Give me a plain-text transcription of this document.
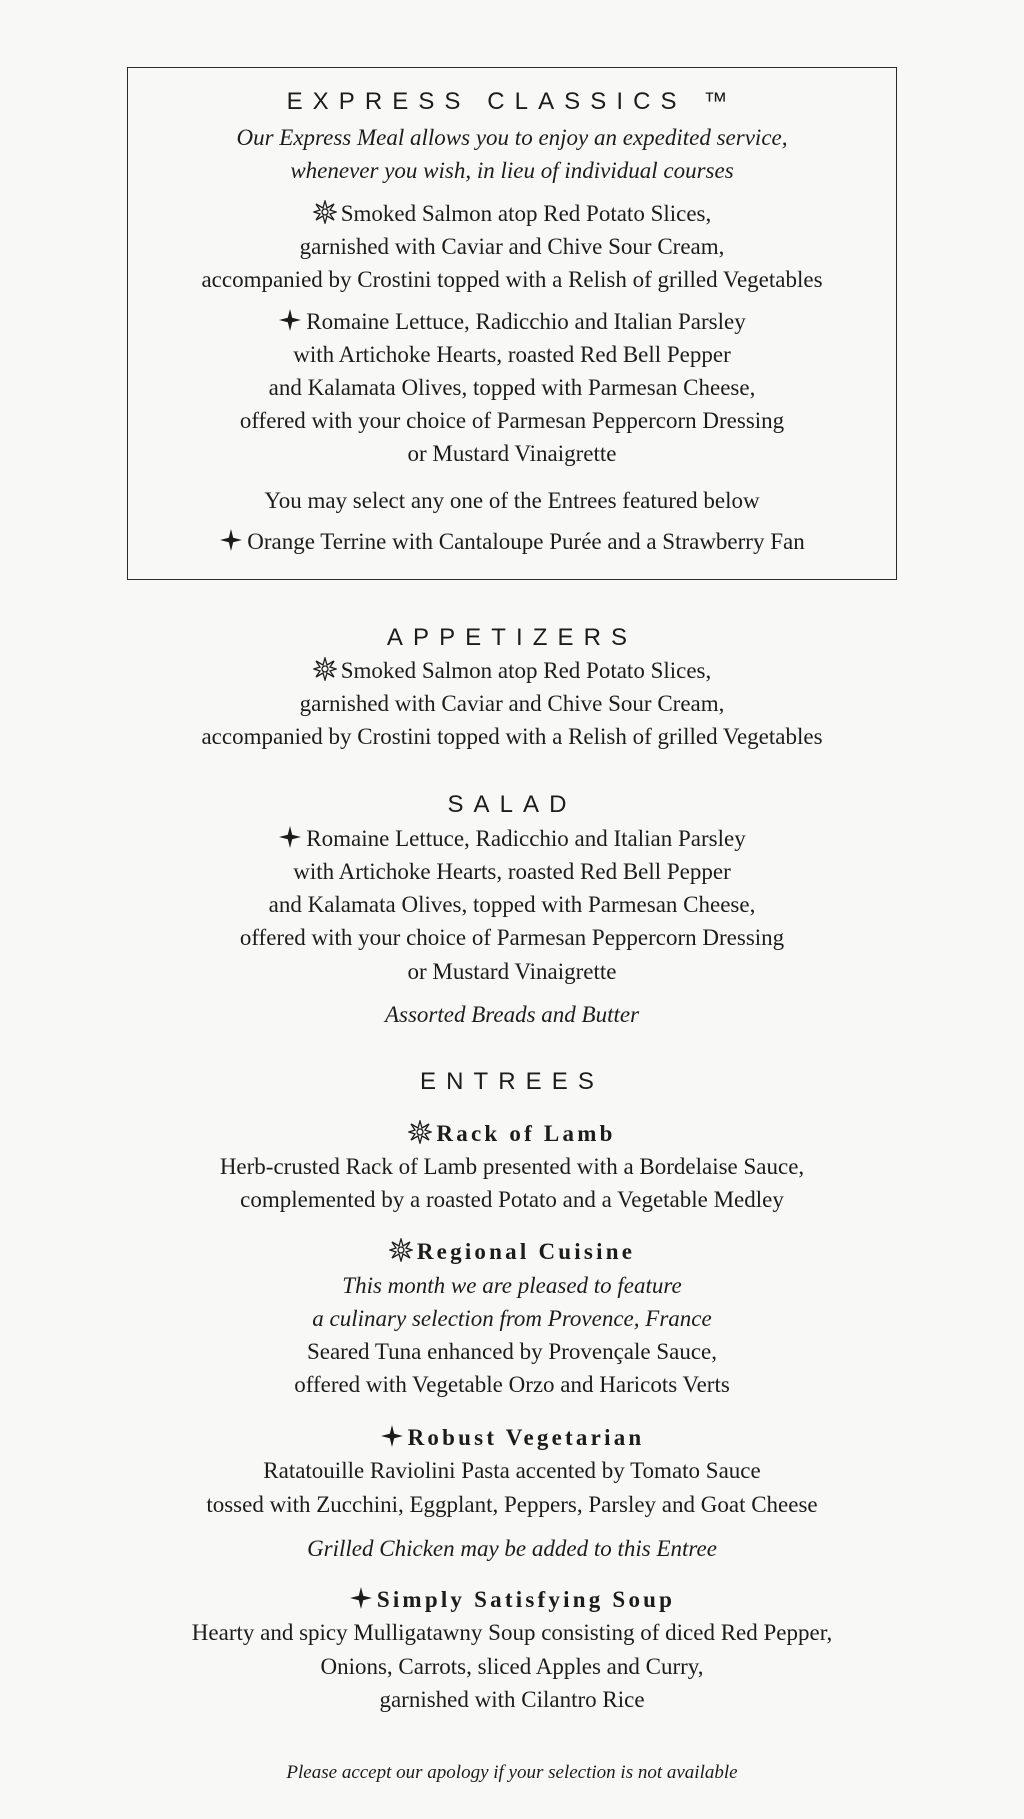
EXPRESS CLASSICS ™
Our Express Meal allows you to enjoy an expedited service,
whenever you wish, in lieu of individual courses
Smoked Salmon atop Red Potato Slices,
garnished with Caviar and Chive Sour Cream,
accompanied by Crostini topped with a Relish of grilled Vegetables
Romaine Lettuce, Radicchio and Italian Parsley
with Artichoke Hearts, roasted Red Bell Pepper
and Kalamata Olives, topped with Parmesan Cheese,
offered with your choice of Parmesan Peppercorn Dressing
or Mustard Vinaigrette
You may select any one of the Entrees featured below
Orange Terrine with Cantaloupe Purée and a Strawberry Fan
APPETIZERS
Smoked Salmon atop Red Potato Slices,
garnished with Caviar and Chive Sour Cream,
accompanied by Crostini topped with a Relish of grilled Vegetables
SALAD
Romaine Lettuce, Radicchio and Italian Parsley
with Artichoke Hearts, roasted Red Bell Pepper
and Kalamata Olives, topped with Parmesan Cheese,
offered with your choice of Parmesan Peppercorn Dressing
or Mustard Vinaigrette
Assorted Breads and Butter
ENTREES
Rack of Lamb
Herb-crusted Rack of Lamb presented with a Bordelaise Sauce,
complemented by a roasted Potato and a Vegetable Medley
Regional Cuisine
This month we are pleased to feature
a culinary selection from Provence, France
Seared Tuna enhanced by Provençale Sauce,
offered with Vegetable Orzo and Haricots Verts
Robust Vegetarian
Ratatouille Raviolini Pasta accented by Tomato Sauce
tossed with Zucchini, Eggplant, Peppers, Parsley and Goat Cheese
Grilled Chicken may be added to this Entree
Simply Satisfying Soup
Hearty and spicy Mulligatawny Soup consisting of diced Red Pepper,
Onions, Carrots, sliced Apples and Curry,
garnished with Cilantro Rice
Please accept our apology if your selection is not available
